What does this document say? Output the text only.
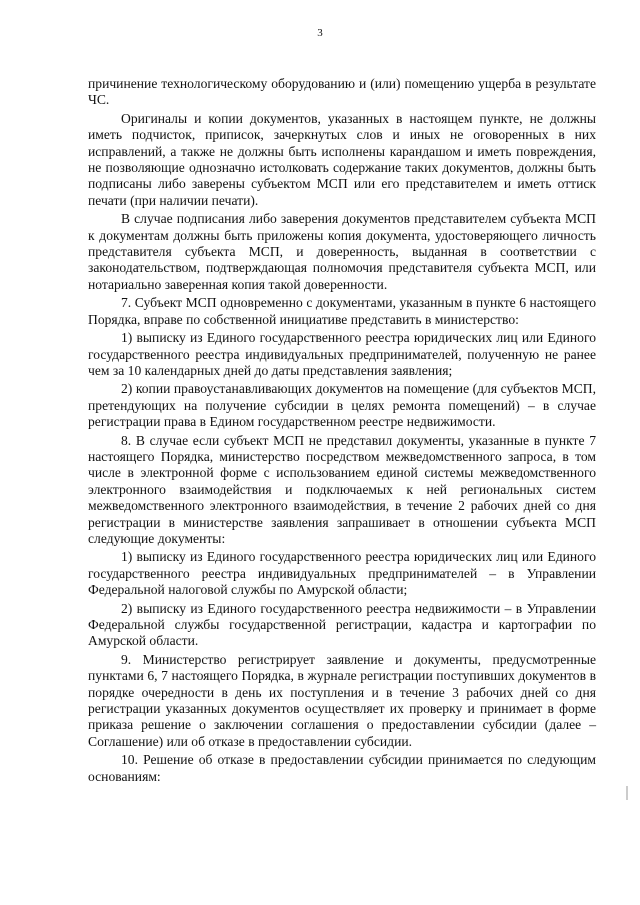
3

причинение технологическому оборудованию и (или) помещению ущерба в результате ЧС.

Оригиналы и копии документов, указанных в настоящем пункте, не должны иметь подчисток, приписок, зачеркнутых слов и иных не оговоренных в них исправлений, а также не должны быть исполнены карандашом и иметь повреждения, не позволяющие однозначно истолковать содержание таких документов, должны быть подписаны либо заверены субъектом МСП или его представителем и иметь оттиск печати (при наличии печати).

В случае подписания либо заверения документов представителем субъекта МСП к документам должны быть приложены копия документа, удостоверяющего личность представителя субъекта МСП, и доверенность, выданная в соответствии с законодательством, подтверждающая полномочия представителя субъекта МСП, или нотариально заверенная копия такой доверенности.

7. Субъект МСП одновременно с документами, указанным в пункте 6 настоящего Порядка, вправе по собственной инициативе представить в министерство:

1) выписку из Единого государственного реестра юридических лиц или Единого государственного реестра индивидуальных предпринимателей, полученную не ранее чем за 10 календарных дней до даты представления заявления;

2) копии правоустанавливающих документов на помещение (для субъектов МСП, претендующих на получение субсидии в целях ремонта помещений) – в случае регистрации права в Едином государственном реестре недвижимости.

8. В случае если субъект МСП не представил документы, указанные в пункте 7 настоящего Порядка, министерство посредством межведомственного запроса, в том числе в электронной форме с использованием единой системы межведомственного электронного взаимодействия и подключаемых к ней региональных систем межведомственного электронного взаимодействия, в течение 2 рабочих дней со дня регистрации в министерстве заявления запрашивает в отношении субъекта МСП следующие документы:

1) выписку из Единого государственного реестра юридических лиц или Единого государственного реестра индивидуальных предпринимателей – в Управлении Федеральной налоговой службы по Амурской области;

2) выписку из Единого государственного реестра недвижимости – в Управлении Федеральной службы государственной регистрации, кадастра и картографии по Амурской области.

9. Министерство регистрирует заявление и документы, предусмотренные пунктами 6, 7 настоящего Порядка, в журнале регистрации поступивших документов в порядке очередности в день их поступления и в течение 3 рабочих дней со дня регистрации указанных документов осуществляет их проверку и принимает в форме приказа решение о заключении соглашения о предоставлении субсидии (далее – Соглашение) или об отказе в предоставлении субсидии.

10. Решение об отказе в предоставлении субсидии принимается по следующим основаниям:
